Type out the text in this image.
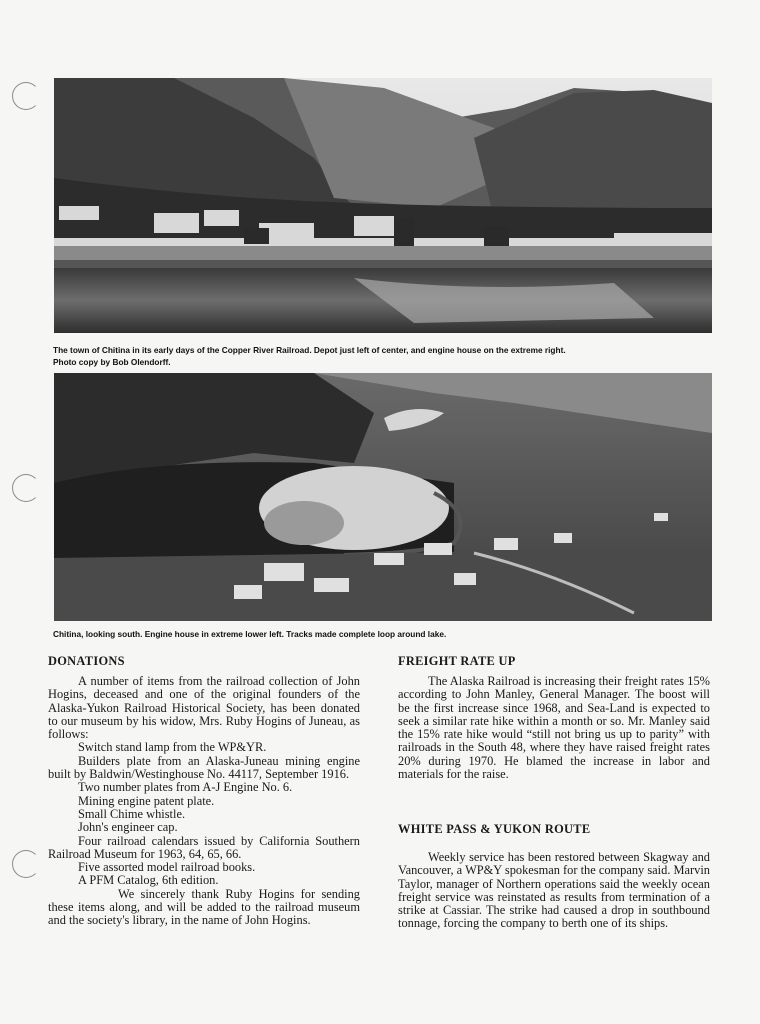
The town of Chitina in its early days of the Copper River Railroad. Depot just left of center, and engine house on the extreme right.
Photo copy by Bob Olendorff.
Chitina, looking south. Engine house in extreme lower left. Tracks made complete loop around lake.
DONATIONS

A number of items from the railroad collection of John Hogins, deceased and one of the original founders of the Alaska-Yukon Railroad Historical Society, has been donated to our museum by his widow, Mrs. Ruby Hogins of Juneau, as follows:

Switch stand lamp from the WP&YR.

Builders plate from an Alaska-Juneau mining engine built by Baldwin/Westinghouse No. 44117, September 1916.

Two number plates from A-J Engine No. 6.

Mining engine patent plate.

Small Chime whistle.

John's engineer cap.

Four railroad calendars issued by California Southern Railroad Museum for 1963, 64, 65, 66.

Five assorted model railroad books.

A PFM Catalog, 6th edition.

We sincerely thank Ruby Hogins for sending these items along, and will be added to the railroad museum and the society's library, in the name of John Hogins.

FREIGHT RATE UP

The Alaska Railroad is increasing their freight rates 15% according to John Manley, General Manager. The boost will be the first increase since 1968, and Sea-Land is expected to seek a similar rate hike within a month or so. Mr. Manley said the 15% rate hike would “still not bring us up to parity” with railroads in the South 48, where they have raised freight rates 20% during 1970. He blamed the increase in labor and materials for the raise.

WHITE PASS & YUKON ROUTE

Weekly service has been restored between Skagway and Vancouver, a WP&Y spokesman for the company said. Marvin Taylor, manager of Northern operations said the weekly ocean freight service was reinstated as results from termination of a strike at Cassiar. The strike had caused a drop in southbound tonnage, forcing the company to berth one of its ships.
